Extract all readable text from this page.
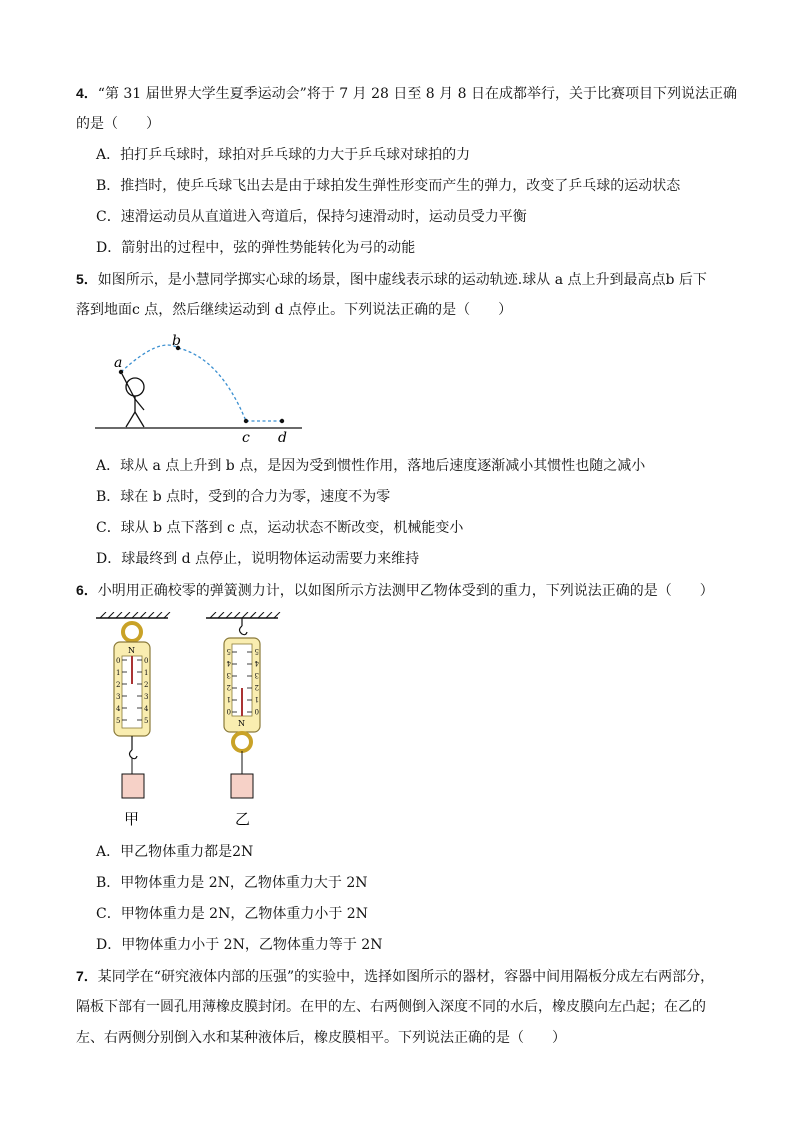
4．“第 31 届世界大学生夏季运动会”将于 7 月 28 日至 8 月 8 日在成都举行，关于比赛项目下列说法正确
的是（　　）
A．拍打乒乓球时，球拍对乒乓球的力大于乒乓球对球拍的力
B．推挡时，使乒乓球飞出去是由于球拍发生弹性形变而产生的弹力，改变了乒乓球的运动状态
C．速滑运动员从直道进入弯道后，保持匀速滑动时，运动员受力平衡
D．箭射出的过程中，弦的弹性势能转化为弓的动能
5．如图所示，是小慧同学掷实心球的场景，图中虚线表示球的运动轨迹.球从 a 点上升到最高点b 后下
落到地面c 点，然后继续运动到 d 点停止。下列说法正确的是（　　）
a
b
c d
A．球从 a 点上升到 b 点，是因为受到惯性作用，落地后速度逐渐减小其惯性也随之减小
B．球在 b 点时，受到的合力为零，速度不为零
C．球从 b 点下落到 c 点，运动状态不断改变，机械能变小
D．球最终到 d 点停止，说明物体运动需要力来维持
6．小明用正确校零的弹簧测力计，以如图所示方法测甲乙物体受到的重力，下列说法正确的是（　　）
N
0	0
1	1
2	2
3	3
4	4
5	5
甲
5	5
4	4
3	3
2	2
1	1
0	0
N
乙
A．甲乙物体重力都是2N
B．甲物体重力是 2N，乙物体重力大于 2N
C．甲物体重力是 2N，乙物体重力小于 2N
D．甲物体重力小于 2N，乙物体重力等于 2N
7．某同学在“研究液体内部的压强”的实验中，选择如图所示的器材，容器中间用隔板分成左右两部分，
隔板下部有一圆孔用薄橡皮膜封闭。在甲的左、右两侧倒入深度不同的水后，橡皮膜向左凸起；在乙的
左、右两侧分别倒入水和某种液体后，橡皮膜相平。下列说法正确的是（　　）
